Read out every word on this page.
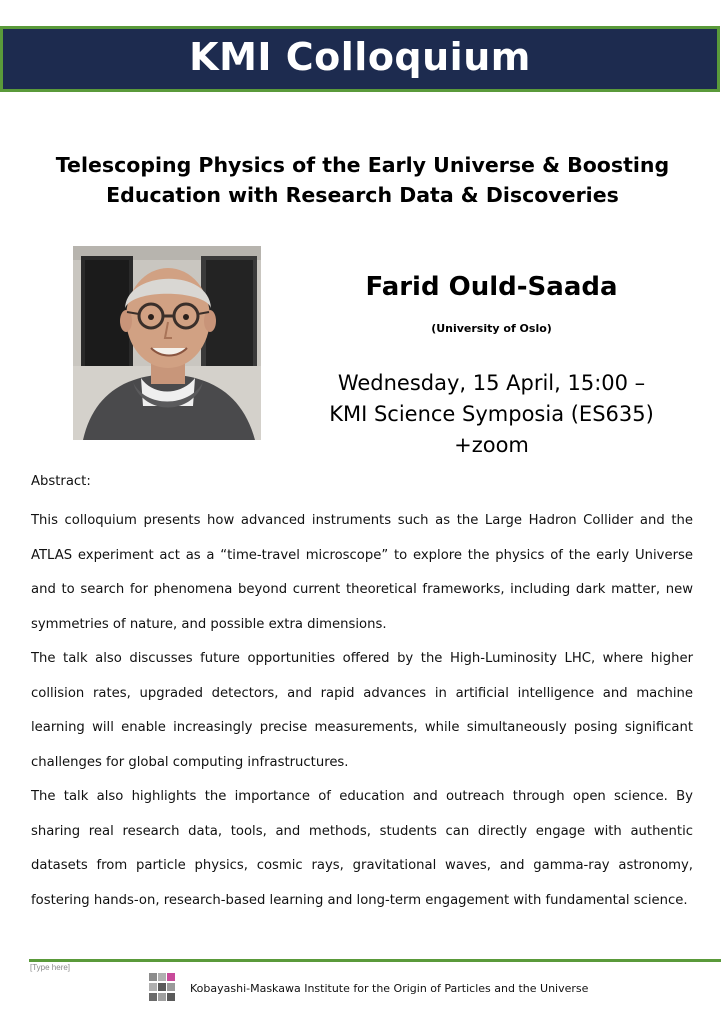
KMI Colloquium
Telescoping Physics of the Early Universe & Boosting
Education with Research Data & Discoveries
Farid Ould-Saada
(University of Oslo)
Wednesday, 15 April, 15:00 –
KMI Science Symposia (ES635)
+zoom
Abstract:

This colloquium presents how advanced instruments such as the Large Hadron Collider and the ATLAS experiment act as a “time-travel microscope” to explore the physics of the early Universe and to search for phenomena beyond current theoretical frameworks, including dark matter, new symmetries of nature, and possible extra dimensions.

The talk also discusses future opportunities offered by the High-Luminosity LHC, where higher collision rates, upgraded detectors, and rapid advances in artificial intelligence and machine learning will enable increasingly precise measurements, while simultaneously posing significant challenges for global computing infrastructures.

The talk also highlights the importance of education and outreach through open science. By sharing real research data, tools, and methods, students can directly engage with authentic datasets from particle physics, cosmic rays, gravitational waves, and gamma-ray astronomy, fostering hands-on, research-based learning and long-term engagement with fundamental science.

[Type here]
Kobayashi-Maskawa Institute for the Origin of Particles and the Universe
